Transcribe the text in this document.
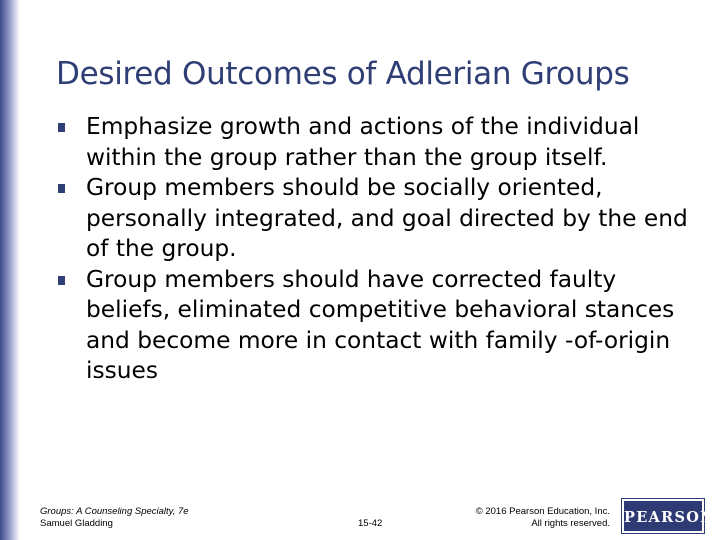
Desired Outcomes of Adlerian Groups
Emphasize growth and actions of the individual within the group rather than the group itself.
Group members should be socially oriented, personally integrated, and goal directed by the end of the group.
Group members should have corrected faulty beliefs, eliminated competitive behavioral stances and become more in contact with family -of-origin issues
Groups: A Counseling Specialty, 7e
Samuel Gladding	15-42
© 2016 Pearson Education, Inc.
All rights reserved. PEARSON
